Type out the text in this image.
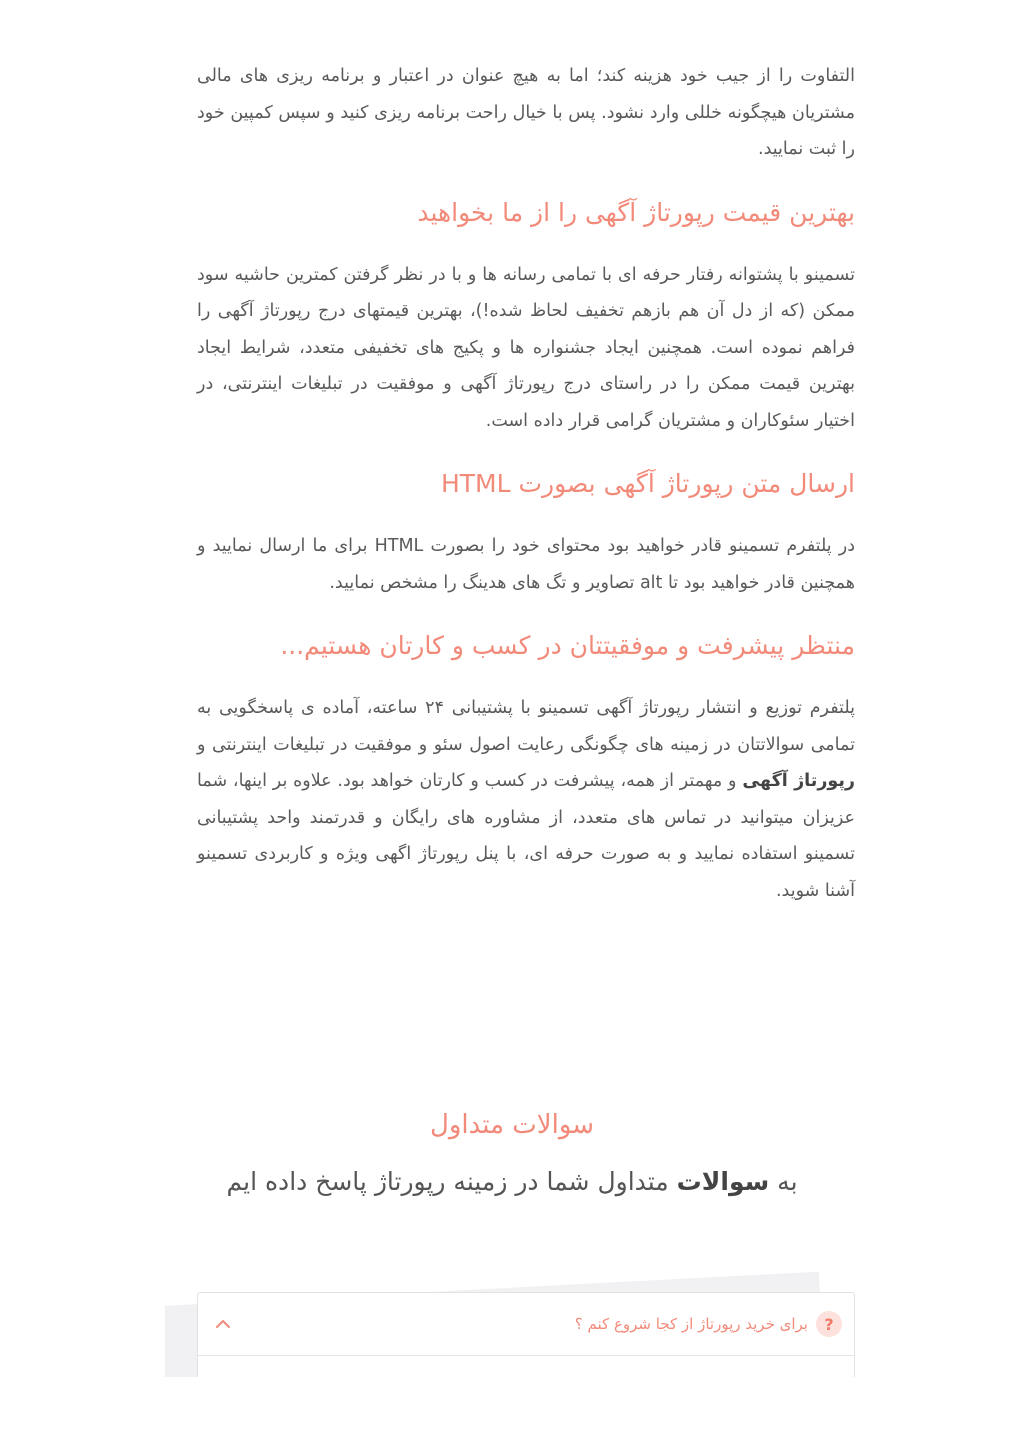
التفاوت را از جیب خود هزینه کند؛ اما به هیچ عنوان در اعتبار و برنامه ریزی های مالی مشتریان هیچگونه خللی وارد نشود. پس با خیال راحت برنامه ریزی کنید و سپس کمپین خود را ثبت نمایید.

بهترین قیمت رپورتاژ آگهی را از ما بخواهید

تسمینو با پشتوانه رفتار حرفه ای با تمامی رسانه ها و با در نظر گرفتن کمترین حاشیه سود ممکن (که از دل آن هم بازهم تخفیف لحاظ شده!)، بهترین قیمتهای درج رپورتاژ آگهی را فراهم نموده است. همچنین ایجاد جشنواره ها و پکیج های تخفیفی متعدد، شرایط ایجاد بهترین قیمت ممکن را در راستای درج رپورتاژ آگهی و موفقیت در تبلیغات اینترنتی، در اختیار سئوکاران و مشتریان گرامی قرار داده است.

ارسال متن رپورتاژ آگهی بصورت HTML

در پلتفرم تسمینو قادر خواهید بود محتوای خود را بصورت HTML برای ما ارسال نمایید و همچنین قادر خواهید بود تا alt تصاویر و تگ های هدینگ را مشخص نمایید.

منتظر پیشرفت و موفقیتتان در کسب و کارتان هستیم...

پلتفرم توزیع و انتشار رپورتاژ آگهی تسمینو با پشتیبانی ۲۴ ساعته، آماده ی پاسخگویی به تمامی سوالاتتان در زمینه های چگونگی رعایت اصول سئو و موفقیت در تبلیغات اینترنتی و رپورتاژ آگهی و مهمتر از همه، پیشرفت در کسب و کارتان خواهد بود. علاوه بر اینها، شما عزیزان میتوانید در تماس های متعدد، از مشاوره های رایگان و قدرتمند واحد پشتیبانی تسمینو استفاده نمایید و به صورت حرفه ای، با پنل رپورتاژ اگهی ویژه و کاربردی تسمینو آشنا شوید.

سوالات متداول

به سوالات متداول شما در زمینه رپورتاژ پاسخ داده ایم

?
برای خرید رپورتاژ از کجا شروع کنم ؟
